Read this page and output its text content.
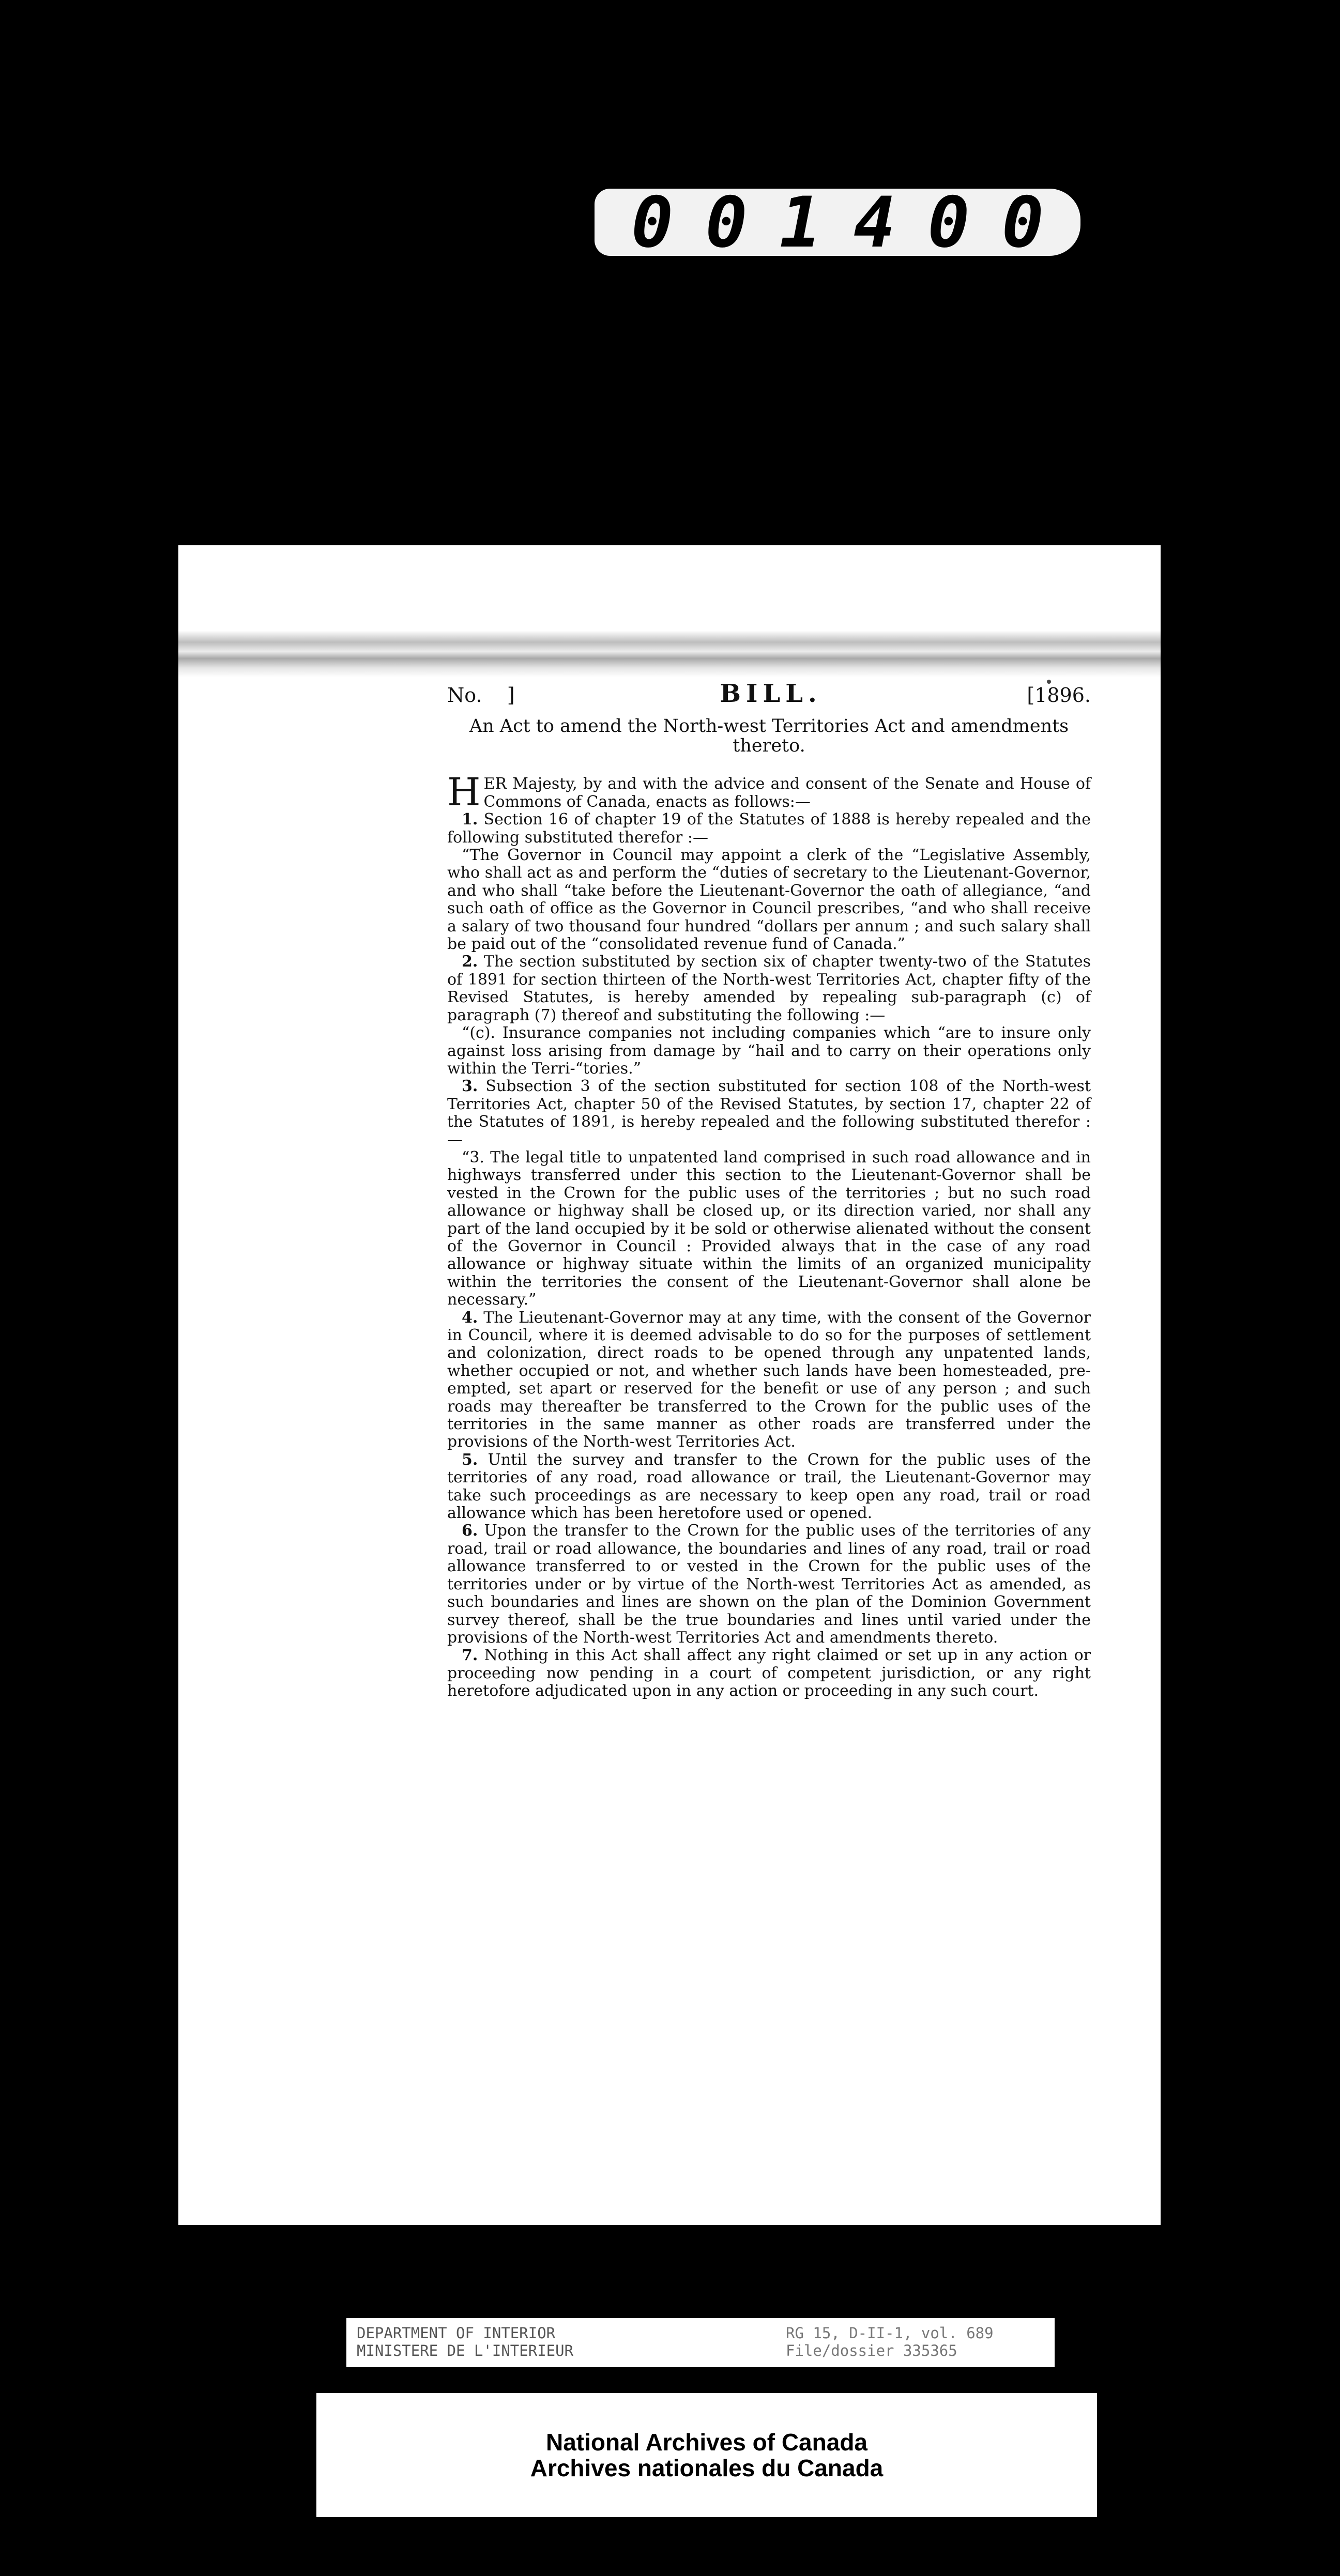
0 0 1 4 0 0
No. ]	BILL.	[1896.
An Act to amend the North-west Territories Act and amendments thereto.

HER Majesty, by and with the advice and consent of the Senate and House of Commons of Canada, enacts as follows:—

1. Section 16 of chapter 19 of the Statutes of 1888 is hereby repealed and the following substituted therefor :—

“The Governor in Council may appoint a clerk of the “Legislative Assembly, who shall act as and perform the “duties of secretary to the Lieutenant-Governor, and who shall “take before the Lieutenant-Governor the oath of allegiance, “and such oath of office as the Governor in Council prescribes, “and who shall receive a salary of two thousand four hundred “dollars per annum ; and such salary shall be paid out of the “consolidated revenue fund of Canada.”

2. The section substituted by section six of chapter twenty-two of the Statutes of 1891 for section thirteen of the North-west Territories Act, chapter fifty of the Revised Statutes, is hereby amended by repealing sub-paragraph (c) of paragraph (7) thereof and substituting the following :—

“(c). Insurance companies not including companies which “are to insure only against loss arising from damage by “hail and to carry on their operations only within the Terri-“tories.”

3. Subsection 3 of the section substituted for section 108 of the North-west Territories Act, chapter 50 of the Revised Statutes, by section 17, chapter 22 of the Statutes of 1891, is hereby repealed and the following substituted therefor :—

“3. The legal title to unpatented land comprised in such road allowance and in highways transferred under this section to the Lieutenant-Governor shall be vested in the Crown for the public uses of the territories ; but no such road allowance or highway shall be closed up, or its direction varied, nor shall any part of the land occupied by it be sold or otherwise alienated without the consent of the Governor in Council : Provided always that in the case of any road allowance or highway situate within the limits of an organized municipality within the territories the consent of the Lieutenant-Governor shall alone be necessary.”

4. The Lieutenant-Governor may at any time, with the consent of the Governor in Council, where it is deemed advisable to do so for the purposes of settlement and colonization, direct roads to be opened through any unpatented lands, whether occupied or not, and whether such lands have been homesteaded, pre-empted, set apart or reserved for the benefit or use of any person ; and such roads may thereafter be transferred to the Crown for the public uses of the territories in the same manner as other roads are transferred under the provisions of the North-west Territories Act.

5. Until the survey and transfer to the Crown for the public uses of the territories of any road, road allowance or trail, the Lieutenant-Governor may take such proceedings as are necessary to keep open any road, trail or road allowance which has been heretofore used or opened.

6. Upon the transfer to the Crown for the public uses of the territories of any road, trail or road allowance, the boundaries and lines of any road, trail or road allowance transferred to or vested in the Crown for the public uses of the territories under or by virtue of the North-west Territories Act as amended, as such boundaries and lines are shown on the plan of the Dominion Government survey thereof, shall be the true boundaries and lines until varied under the provisions of the North-west Territories Act and amendments thereto.

7. Nothing in this Act shall affect any right claimed or set up in any action or proceeding now pending in a court of competent jurisdiction, or any right heretofore adjudicated upon in any action or proceeding in any such court.

DEPARTMENT OF INTERIOR
MINISTERE DE L'INTERIEUR
RG 15, D-II-1, vol. 689
File/dossier 335365
National Archives of Canada
Archives nationales du Canada
